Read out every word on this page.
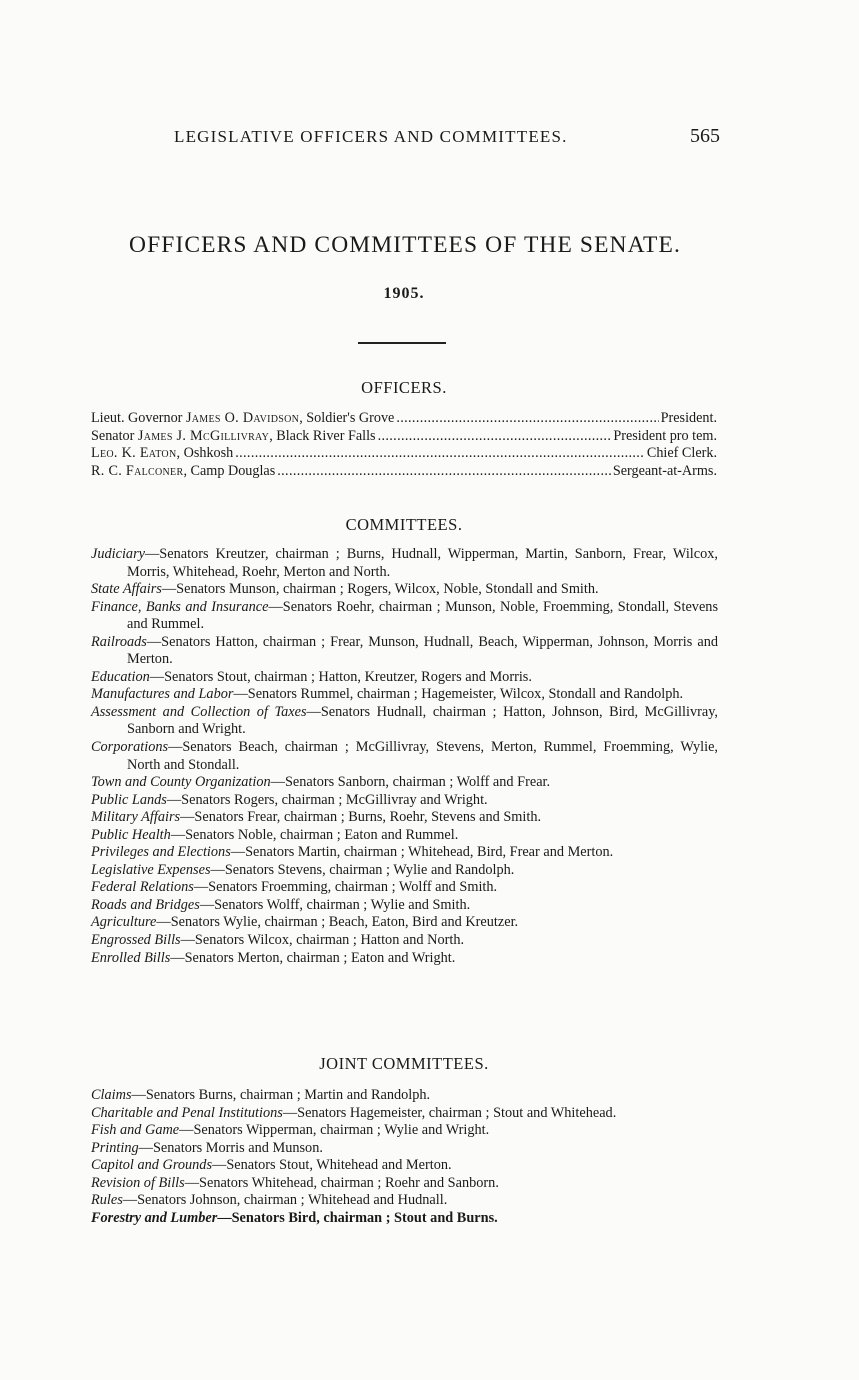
LEGISLATIVE OFFICERS AND COMMITTEES.	565
OFFICERS AND COMMITTEES OF THE SENATE.
1905.
OFFICERS.
Lieut. Governor James O. Davidson, Soldier's Grove . . .	President.
Senator James J. McGillivray, Black River Falls . . .	President pro tem.
Leo. K. Eaton, Oshkosh . . .	Chief Clerk.
R. C. Falconer, Camp Douglas . . .	Sergeant-at-Arms.
COMMITTEES.
Judiciary—Senators Kreutzer, chairman ; Burns, Hudnall, Wipperman, Martin, Sanborn, Frear, Wilcox, Morris, Whitehead, Roehr, Merton and North.
State Affairs—Senators Munson, chairman ; Rogers, Wilcox, Noble, Stondall and Smith.
Finance, Banks and Insurance—Senators Roehr, chairman ; Munson, Noble, Froemming, Stondall, Stevens and Rummel.
Railroads—Senators Hatton, chairman ; Frear, Munson, Hudnall, Beach, Wipperman, Johnson, Morris and Merton.
Education—Senators Stout, chairman ; Hatton, Kreutzer, Rogers and Morris.
Manufactures and Labor—Senators Rummel, chairman ; Hagemeister, Wilcox, Stondall and Randolph.
Assessment and Collection of Taxes—Senators Hudnall, chairman ; Hatton, Johnson, Bird, McGillivray, Sanborn and Wright.
Corporations—Senators Beach, chairman ; McGillivray, Stevens, Merton, Rummel, Froemming, Wylie, North and Stondall.
Town and County Organization—Senators Sanborn, chairman ; Wolff and Frear.
Public Lands—Senators Rogers, chairman ; McGillivray and Wright.
Military Affairs—Senators Frear, chairman ; Burns, Roehr, Stevens and Smith.
Public Health—Senators Noble, chairman ; Eaton and Rummel.
Privileges and Elections—Senators Martin, chairman ; Whitehead, Bird, Frear and Merton.
Legislative Expenses—Senators Stevens, chairman ; Wylie and Randolph.
Federal Relations—Senators Froemming, chairman ; Wolff and Smith.
Roads and Bridges—Senators Wolff, chairman ; Wylie and Smith.
Agriculture—Senators Wylie, chairman ; Beach, Eaton, Bird and Kreutzer.
Engrossed Bills—Senators Wilcox, chairman ; Hatton and North.
Enrolled Bills—Senators Merton, chairman ; Eaton and Wright.
JOINT COMMITTEES.
Claims—Senators Burns, chairman ; Martin and Randolph.
Charitable and Penal Institutions—Senators Hagemeister, chairman ; Stout and Whitehead.
Fish and Game—Senators Wipperman, chairman ; Wylie and Wright.
Printing—Senators Morris and Munson.
Capitol and Grounds—Senators Stout, Whitehead and Merton.
Revision of Bills—Senators Whitehead, chairman ; Roehr and Sanborn.
Rules—Senators Johnson, chairman ; Whitehead and Hudnall.
Forestry and Lumber—Senators Bird, chairman ; Stout and Burns.
